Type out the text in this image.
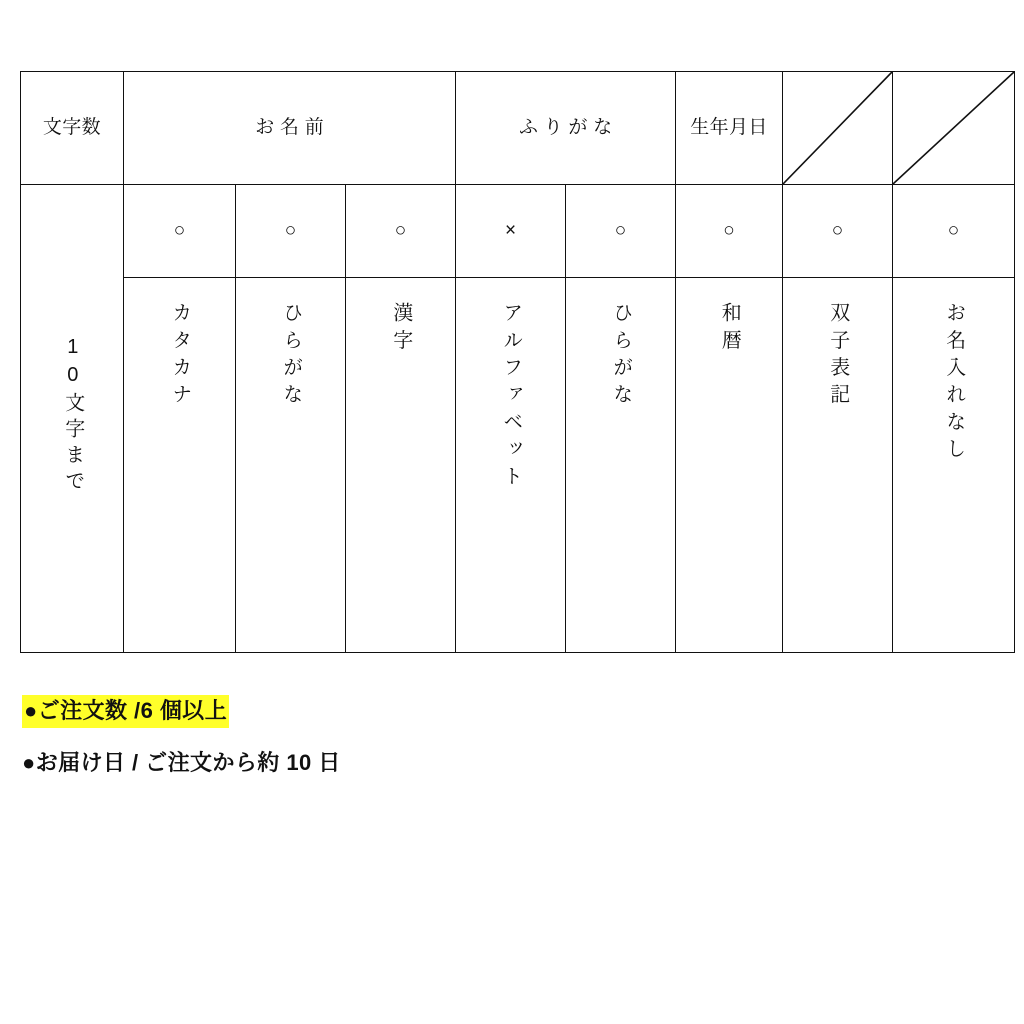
文字数	お名前			ふりがな		生年月日	

10文字まで	○	○	○	×	○	○	○	○

	カタカナ	ひらがな	漢字	アルファベット	ひらがな	和暦	双子表記	お名入れなし

●ご注文数 /6 個以上

●お届け日 / ご注文から約 10 日
